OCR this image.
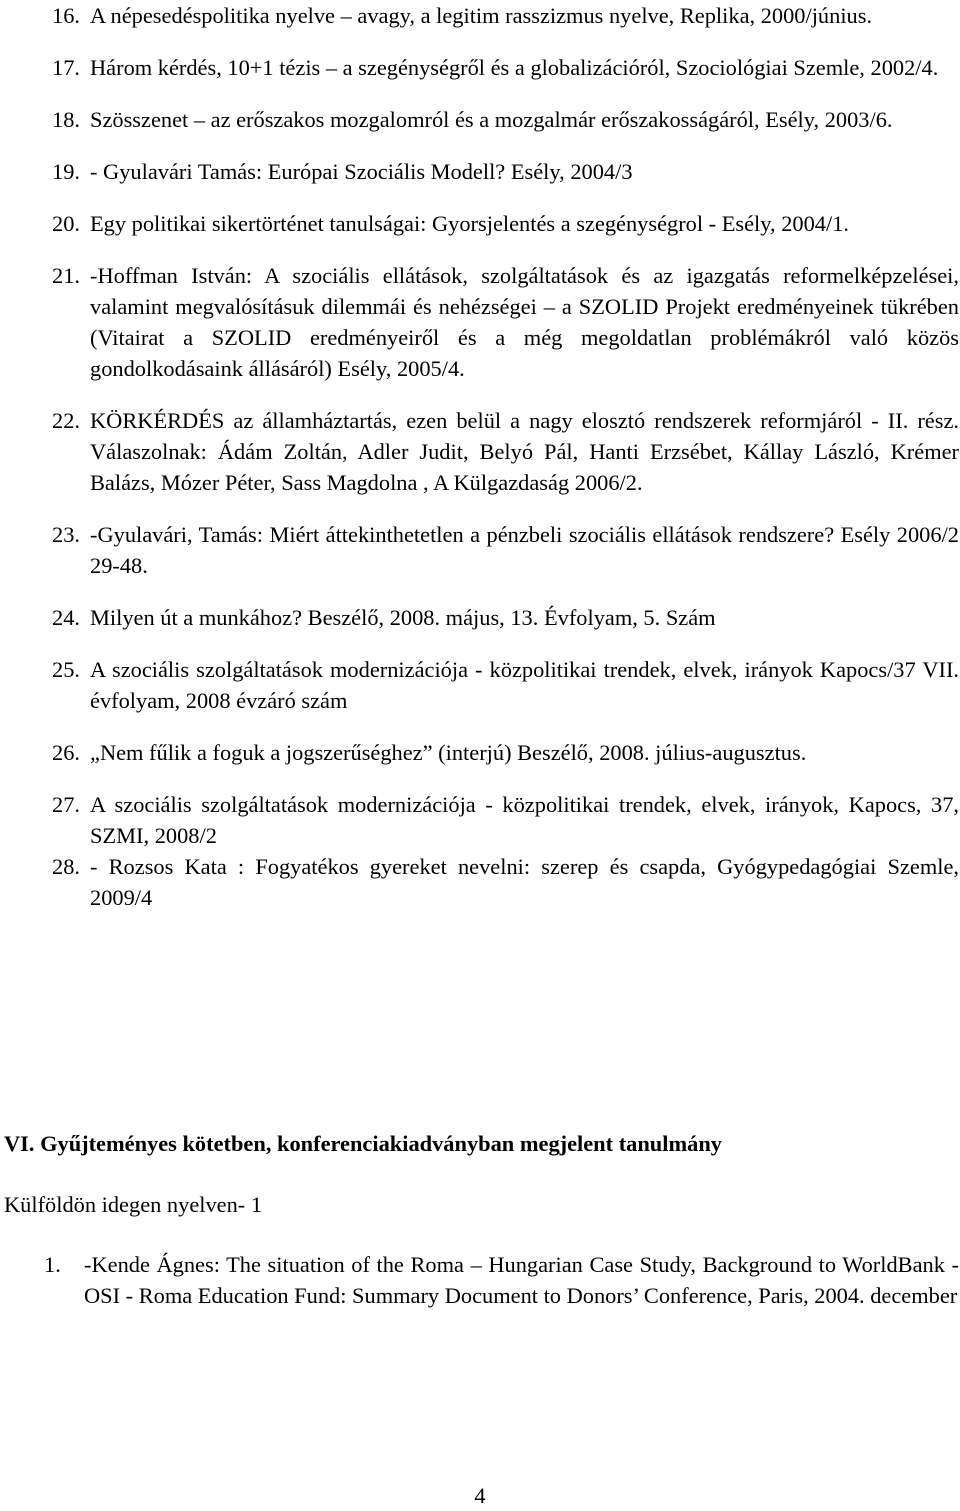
16. A népesedéspolitika nyelve – avagy, a legitim rasszizmus nyelve, Replika, 2000/június.
17. Három kérdés, 10+1 tézis – a szegénységről és a globalizációról, Szociológiai Szemle, 2002/4.
18. Szösszenet – az erőszakos mozgalomról és a mozgalmár erőszakosságáról, Esély, 2003/6.
19. - Gyulavári Tamás: Európai Szociális Modell? Esély, 2004/3
20. Egy politikai sikertörténet tanulságai: Gyorsjelentés a szegénységrol - Esély, 2004/1.
21. -Hoffman István: A szociális ellátások, szolgáltatások és az igazgatás reformelképzelései, valamint megvalósításuk dilemmái és nehézségei – a SZOLID Projekt eredményeinek tükrében (Vitairat a SZOLID eredményeiről és a még megoldatlan problémákról való közös gondolkodásaink állásáról) Esély, 2005/4.
22. KÖRKÉRDÉS az államháztartás, ezen belül a nagy elosztó rendszerek reformjáról - II. rész. Válaszolnak: Ádám Zoltán, Adler Judit, Belyó Pál, Hanti Erzsébet, Kállay László, Krémer Balázs, Mózer Péter, Sass Magdolna , A Külgazdaság 2006/2.
23. -Gyulavári, Tamás: Miért áttekinthetetlen a pénzbeli szociális ellátások rendszere? Esély 2006/2 29-48.
24. Milyen út a munkához? Beszélő, 2008. május, 13. Évfolyam, 5. Szám
25. A szociális szolgáltatások modernizációja - közpolitikai trendek, elvek, irányok Kapocs/37 VII. évfolyam, 2008 évzáró szám
26. „Nem fűlik a foguk a jogszerűséghez” (interjú) Beszélő, 2008. július-augusztus.
27. A szociális szolgáltatások modernizációja - közpolitikai trendek, elvek, irányok, Kapocs, 37, SZMI, 2008/2
28. - Rozsos Kata : Fogyatékos gyereket nevelni: szerep és csapda, Gyógypedagógiai Szemle, 2009/4
VI. Gyűjteményes kötetben, konferenciakiadványban megjelent tanulmány
Külföldön idegen nyelven- 1
1. -Kende Ágnes: The situation of the Roma – Hungarian Case Study, Background to WorldBank -OSI - Roma Education Fund: Summary Document to Donors’ Conference, Paris, 2004. december
4
